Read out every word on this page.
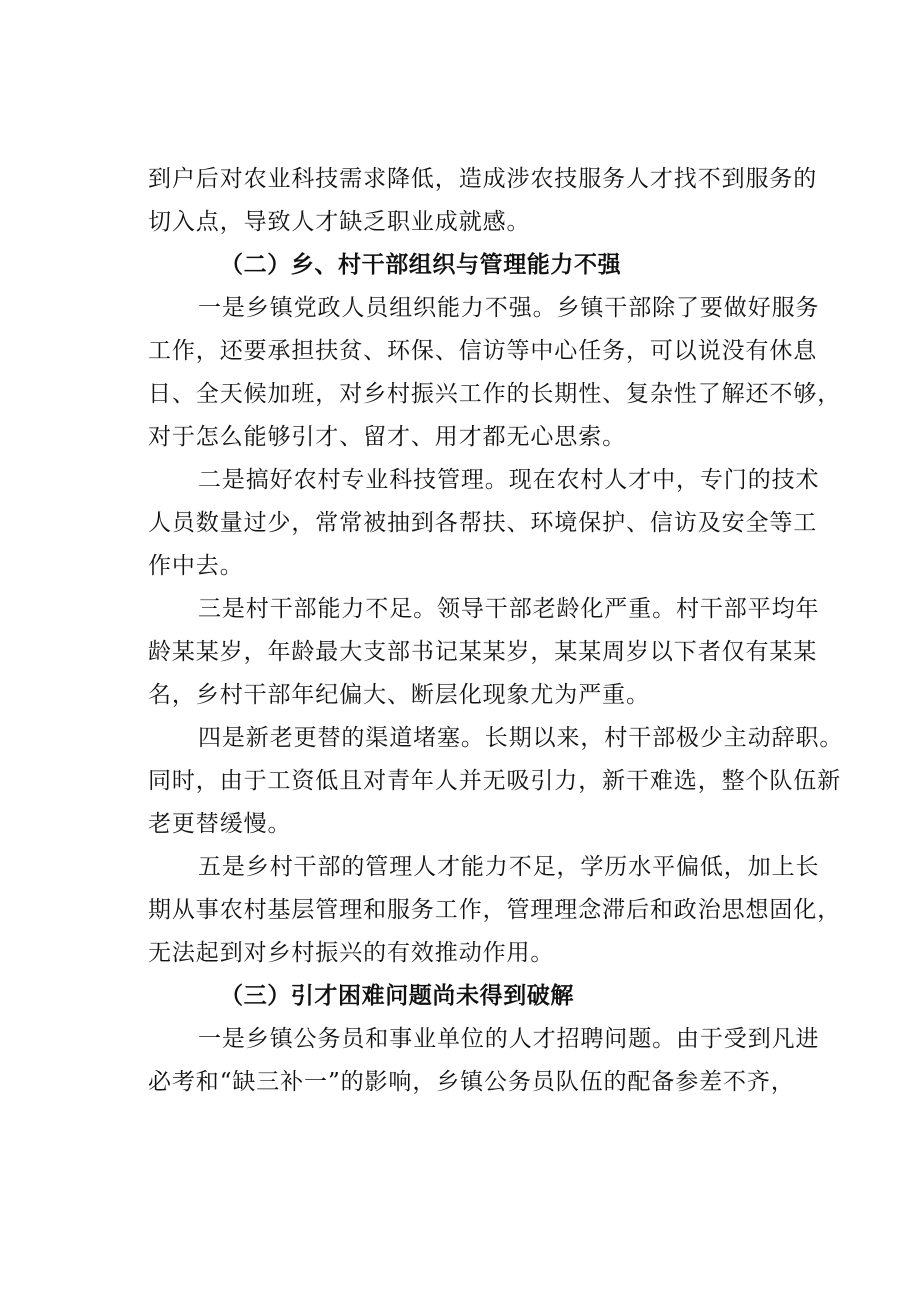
到户后对农业科技需求降低，造成涉农技服务人才找不到服务的
切入点，导致人才缺乏职业成就感。
（二）乡、村干部组织与管理能力不强
一是乡镇党政人员组织能力不强。乡镇干部除了要做好服务
工作，还要承担扶贫、环保、信访等中心任务，可以说没有休息
日、全天候加班，对乡村振兴工作的长期性、复杂性了解还不够，
对于怎么能够引才、留才、用才都无心思索。
二是搞好农村专业科技管理。现在农村人才中，专门的技术
人员数量过少，常常被抽到各帮扶、环境保护、信访及安全等工
作中去。
三是村干部能力不足。领导干部老龄化严重。村干部平均年
龄某某岁，年龄最大支部书记某某岁，某某周岁以下者仅有某某
名，乡村干部年纪偏大、断层化现象尤为严重。
四是新老更替的渠道堵塞。长期以来，村干部极少主动辞职。
同时，由于工资低且对青年人并无吸引力，新干难选，整个队伍新
老更替缓慢。
五是乡村干部的管理人才能力不足，学历水平偏低，加上长
期从事农村基层管理和服务工作，管理理念滞后和政治思想固化，
无法起到对乡村振兴的有效推动作用。
（三）引才困难问题尚未得到破解
一是乡镇公务员和事业单位的人才招聘问题。由于受到凡进
必考和“缺三补一”的影响，乡镇公务员队伍的配备参差不齐，
